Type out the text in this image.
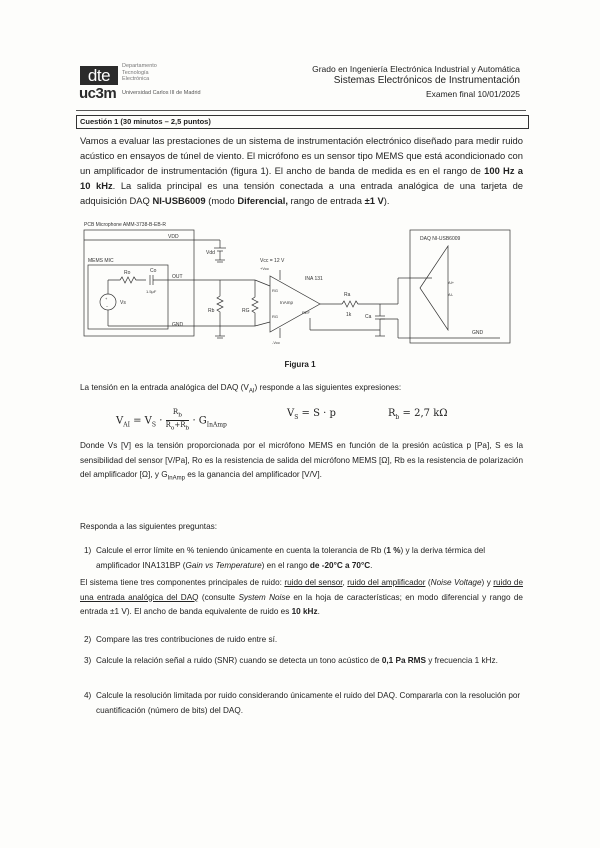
dte	Departamento
Tecnología
Electrónica
uc3m Universidad Carlos III de Madrid
Grado en Ingeniería Electrónica Industrial y Automática
Sistemas Electrónicos de Instrumentación
Examen final 10/01/2025
Cuestión 1 (30 minutos – 2,5 puntos)
Vamos a evaluar las prestaciones de un sistema de instrumentación electrónico diseñado para medir ruido acústico en ensayos de túnel de viento. El micrófono es un sensor tipo MEMS que está acondicionado con un amplificador de instrumentación (figura 1). El ancho de banda de medida es en el rango de 100 Hz a 10 kHz. La salida principal es una tensión conectada a una entrada analógica de una tarjeta de adquisición DAQ NI-USB6009 (modo Diferencial, rango de entrada ±1 V).
PCB Microphone AMM-3738-B-EB-R
VDD
MEMS MIC
+
−
Vs
Ro	Co
1.5μF
OUT
GND
Vdd
Rb	RG
Vcc = 12 V
+Vcc
INA 131
RG
InAmp
RG
REF
-Vcc
Ra
1k	Ca
DAQ NI-USB6009
AI+
AI-
GND
Figura 1
La tensión en la entrada analógica del DAQ $(V_{AI})$ responde a las siguientes expresiones:
$V_{AI} = V_S \cdot \frac{R_b}{R_o+R_b} \cdot G_{InAmp}$
$V_S = S \cdot p$	$R_b = 2,7$ kΩ
Donde Vs [V] es la tensión proporcionada por el micrófono MEMS en función de la presión acústica p [Pa], S es la sensibilidad del sensor [V/Pa], Ro es la resistencia de salida del micrófono MEMS [Ω], Rb es la resistencia de polarización del amplificador [Ω], y $G_{InAmp}$ es la ganancia del amplificador [V/V].
Responda a las siguientes preguntas:
1) Calcule el error límite en % teniendo únicamente en cuenta la tolerancia de Rb (1 %) y la deriva térmica del amplificador INA131BP (Gain vs Temperature) en el rango de -20°C a 70°C.
El sistema tiene tres componentes principales de ruido: ruido del sensor, ruido del amplificador (Noise Voltage) y ruido de una entrada analógica del DAQ (consulte System Noise en la hoja de características; en modo diferencial y rango de entrada ±1 V). El ancho de banda equivalente de ruido es 10 kHz.
2) Compare las tres contribuciones de ruido entre sí.
3) Calcule la relación señal a ruido (SNR) cuando se detecta un tono acústico de 0,1 Pa RMS y frecuencia 1 kHz.
4) Calcule la resolución limitada por ruido considerando únicamente el ruido del DAQ. Compararla con la resolución por cuantificación (número de bits) del DAQ.
